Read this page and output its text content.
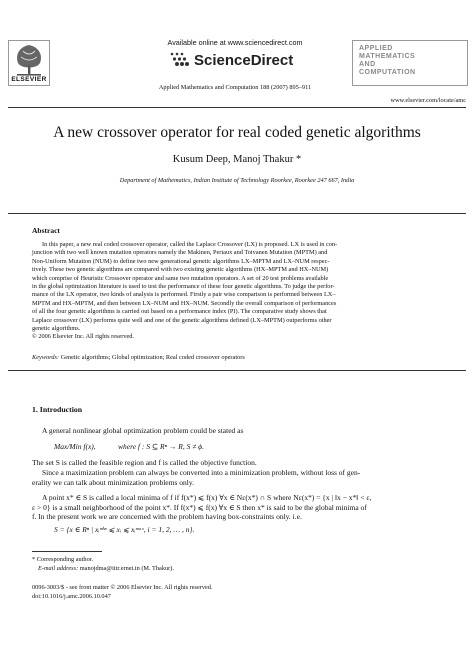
ELSEVIER
Available online at www.sciencedirect.com
ScienceDirect
APPLIED
MATHEMATICS
AND
COMPUTATION
Applied Mathematics and Computation 188 (2007) 895–911
www.elsevier.com/locate/amc
A new crossover operator for real coded genetic algorithms
Kusum Deep, Manoj Thakur *
Department of Mathematics, Indian Institute of Technology Roorkee, Roorkee 247 667, India
Abstract

In this paper, a new real coded crossover operator, called the Laplace Crossover (LX) is proposed. LX is used in con-

junction with two well known mutation operators namely the Makinen, Periaux and Toivanen Mutation (MPTM) and

Non-Uniform Mutation (NUM) to define two new generational genetic algorithms LX–MPTM and LX–NUM respec-

tively. These two genetic algorithms are compared with two existing genetic algorithms (HX–MPTM and HX–NUM)

which comprise of Heuristic Crossover operator and same two mutation operators. A set of 20 test problems available

in the global optimization literature is used to test the performance of these four genetic algorithms. To judge the perfor-

mance of the LX operator, two kinds of analysis is performed. Firstly a pair wise comparison is performed between LX–

MPTM and HX–MPTM, and then between LX–NUM and HX–NUM. Secondly the overall comparison of performances

of all the four genetic algorithms is carried out based on a performance index (PI). The comparative study shows that

Laplace crossover (LX) performs quite well and one of the genetic algorithms defined (LX–MPTM) outperforms other

genetic algorithms.

© 2006 Elsevier Inc. All rights reserved.

Keywords: Genetic algorithms; Global optimization; Real coded crossover operators
1. Introduction
A general nonlinear global optimization problem could be stated as
Max/Min f(x),	where f : S ⊆ Rⁿ → R, S ≠ ϕ.
The set S is called the feasible region and f is called the objective function.

Since a maximization problem can always be converted into a minimization problem, without loss of gen-

erality we can talk about minimization problems only.

A point x* ∈ S is called a local minima of f if f(x*) ⩽ f(x) ∀x ∈ Nε(x*) ∩ S where Nε(x*) = {x | ‖x − x*‖ < ε,

ε > 0} is a small neighborhood of the point x*. If f(x*) ⩽ f(x) ∀x ∈ S then x* is said to be the global minima of

f. In the present work we are concerned with the problem having box-constraints only. i.e.

S = {x ∈ Rⁿ | xᵢᵐⁱⁿ ⩽ xᵢ ⩽ xᵢᵐᵃˣ, i = 1, 2, … , n}.
* Corresponding author.
E-mail address: manojdma@iitr.ernet.in (M. Thakur).
0096-3003/$ - see front matter © 2006 Elsevier Inc. All rights reserved.
doi:10.1016/j.amc.2006.10.047
